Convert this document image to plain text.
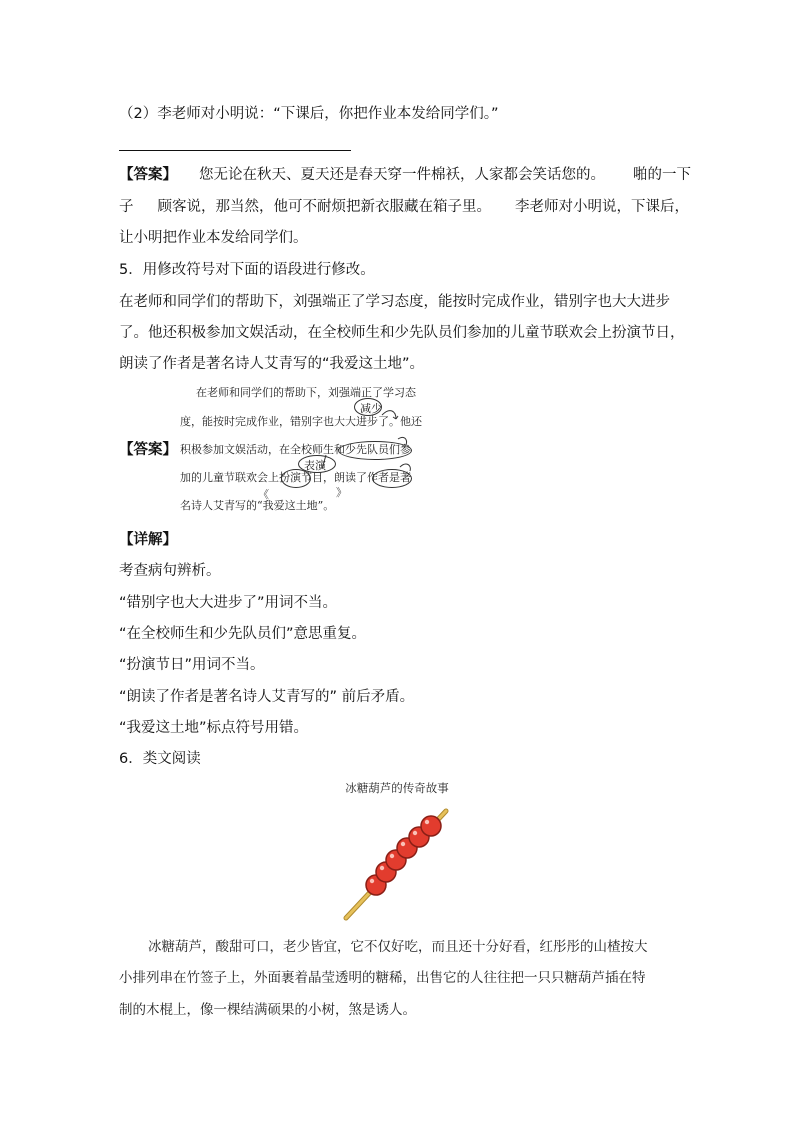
（2）李老师对小明说：“下课后，你把作业本发给同学们。”
【答案】 您无论在秋天、夏天还是春天穿一件棉袄，人家都会笑话您的。 啪的一下
子 顾客说，那当然，他可不耐烦把新衣服藏在箱子里。 李老师对小明说，下课后，
让小明把作业本发给同学们。
5．用修改符号对下面的语段进行修改。
在老师和同学们的帮助下，刘强端正了学习态度，能按时完成作业，错别字也大大进步
了。他还积极参加文娱活动，在全校师生和少先队员们参加的儿童节联欢会上扮演节日，
朗读了作者是著名诗人艾青写的“我爱这土地”。
【答案】
在老师和同学们的帮助下，刘强端正了学习态
度，能按时完成作业，错别字也大大进步了。他还
积极参加文娱活动，在全校师生和少先队员们参
加的儿童节联欢会上扮演节目，朗读了作者是著
名诗人艾青写的“我爱这土地”。
减少
表演
《	》
【详解】
考查病句辨析。
“错别字也大大进步了”用词不当。
“在全校师生和少先队员们”意思重复。
“扮演节日”用词不当。
“朗读了作者是著名诗人艾青写的” 前后矛盾。
“我爱这土地”标点符号用错。
6．类文阅读
冰糖葫芦的传奇故事
冰糖葫芦，酸甜可口，老少皆宜，它不仅好吃，而且还十分好看，红彤彤的山楂按大
小排列串在竹签子上，外面裹着晶莹透明的糖稀，出售它的人往往把一只只糖葫芦插在特
制的木棍上，像一棵结满硕果的小树，煞是诱人。
